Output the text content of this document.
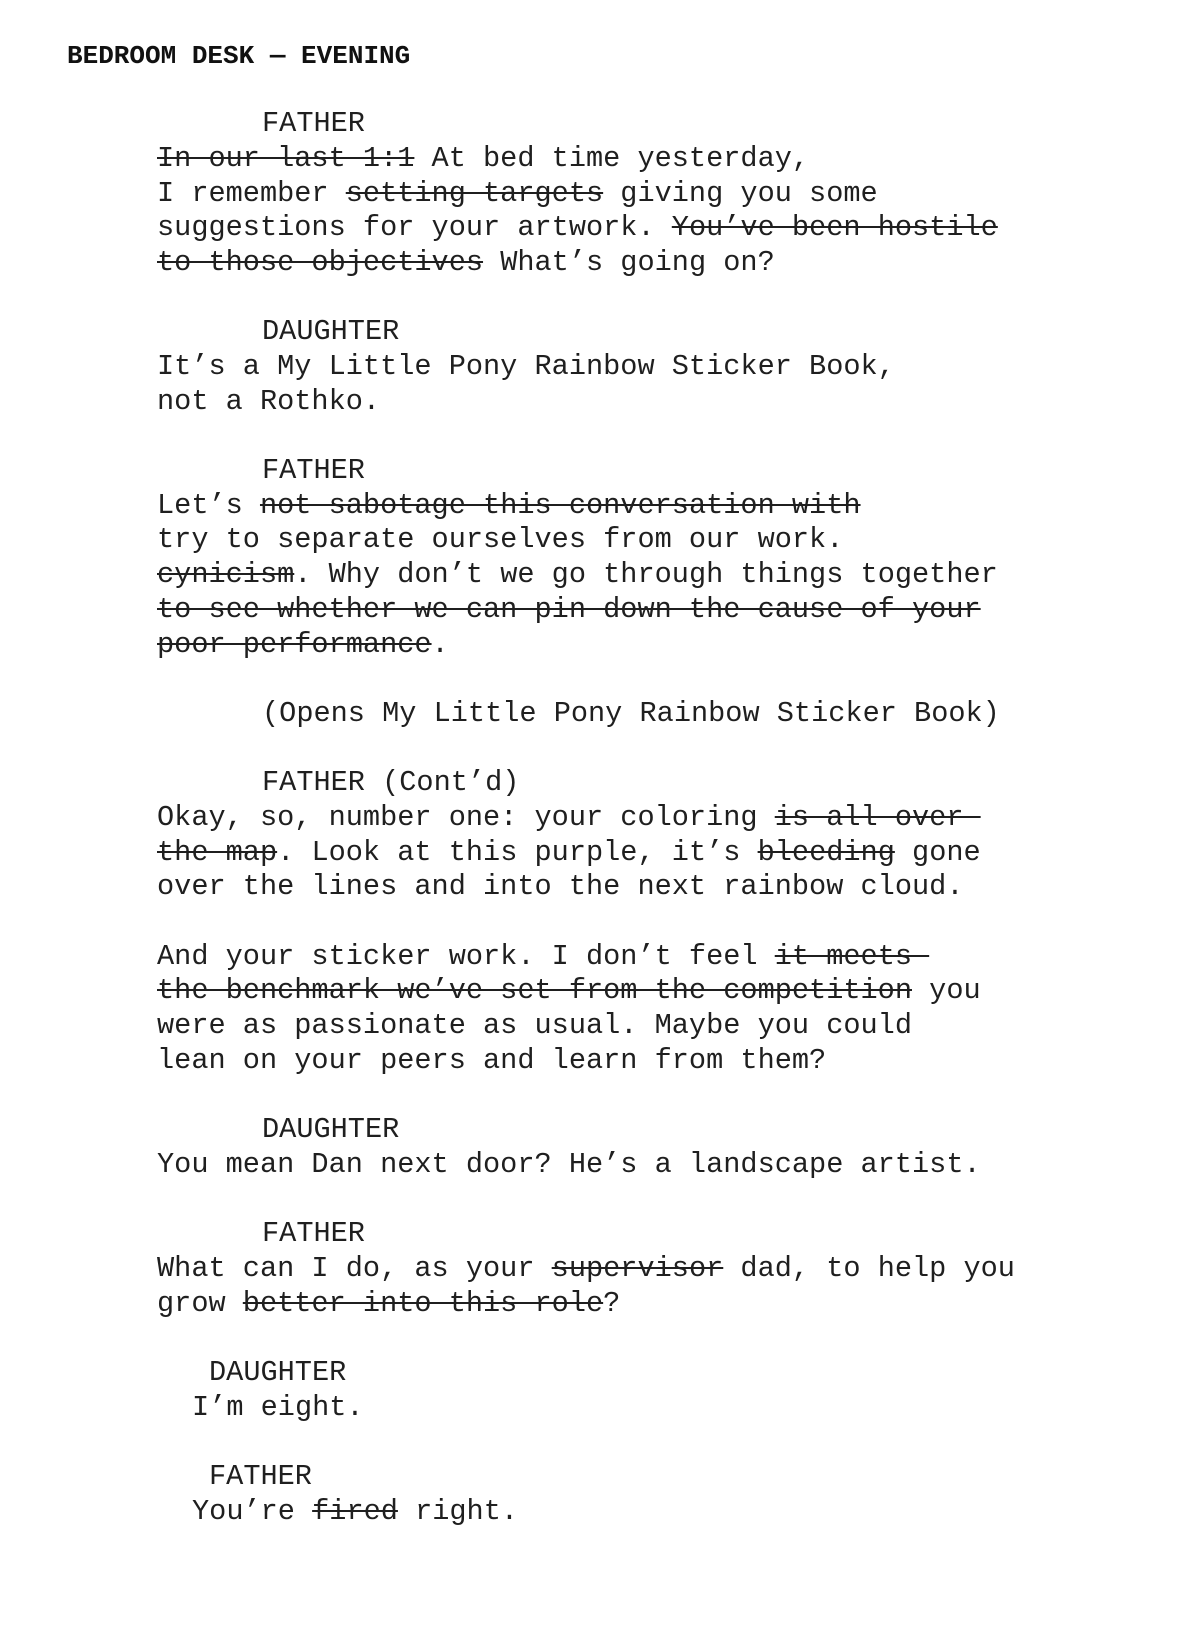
BEDROOM DESK — EVENING
FATHER
In our last 1:1 At bed time yesterday,
I remember setting targets giving you some
suggestions for your artwork. You’ve been hostile
to those objectives What’s going on?
DAUGHTER
It’s a My Little Pony Rainbow Sticker Book,
not a Rothko.
FATHER
Let’s not sabotage this conversation with
try to separate ourselves from our work.
cynicism. Why don’t we go through things together
to see whether we can pin down the cause of your
poor performance.
(Opens My Little Pony Rainbow Sticker Book)
FATHER (Cont’d)
Okay, so, number one: your coloring is all over
the map. Look at this purple, it’s bleeding gone
over the lines and into the next rainbow cloud.
And your sticker work. I don’t feel it meets
the benchmark we’ve set from the competition you
were as passionate as usual. Maybe you could
lean on your peers and learn from them?
DAUGHTER
You mean Dan next door? He’s a landscape artist.
FATHER
What can I do, as your supervisor dad, to help you
grow better into this role?
DAUGHTER
I’m eight.
FATHER
You’re fired right.
